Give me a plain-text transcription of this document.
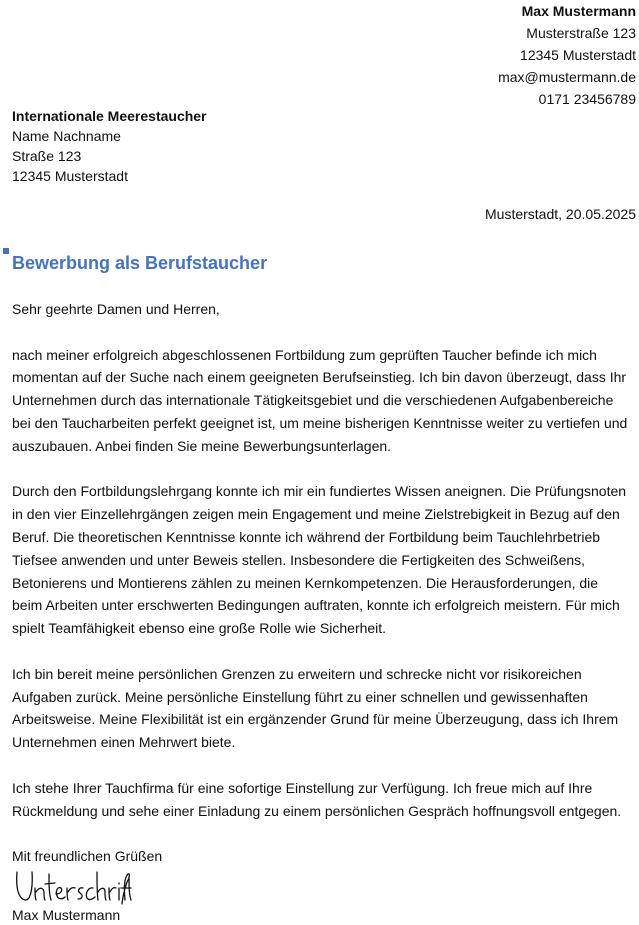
Max Mustermann
Musterstraße 123
12345 Musterstadt
max@mustermann.de
0171 23456789
Internationale Meerestaucher
Name Nachname
Straße 123
12345 Musterstadt
Musterstadt, 20.05.2025
Bewerbung als Berufstaucher

Sehr geehrte Damen und Herren,

nach meiner erfolgreich abgeschlossenen Fortbildung zum geprüften Taucher befinde ich mich momentan auf der Suche nach einem geeigneten Berufseinstieg. Ich bin davon überzeugt, dass Ihr Unternehmen durch das internationale Tätigkeitsgebiet und die verschiedenen Aufgabenbereiche bei den Taucharbeiten perfekt geeignet ist, um meine bisherigen Kenntnisse weiter zu vertiefen und auszubauen. Anbei finden Sie meine Bewerbungsunterlagen.

Durch den Fortbildungslehrgang konnte ich mir ein fundiertes Wissen aneignen. Die Prüfungsnoten in den vier Einzellehrgängen zeigen mein Engagement und meine Zielstrebigkeit in Bezug auf den Beruf. Die theoretischen Kenntnisse konnte ich während der Fortbildung beim Tauchlehrbetrieb Tiefsee anwenden und unter Beweis stellen. Insbesondere die Fertigkeiten des Schweißens, Betonierens und Montierens zählen zu meinen Kernkompetenzen. Die Herausforderungen, die beim Arbeiten unter erschwerten Bedingungen auftraten, konnte ich erfolgreich meistern. Für mich spielt Teamfähigkeit ebenso eine große Rolle wie Sicherheit.

Ich bin bereit meine persönlichen Grenzen zu erweitern und schrecke nicht vor risikoreichen Aufgaben zurück. Meine persönliche Einstellung führt zu einer schnellen und gewissenhaften Arbeitsweise. Meine Flexibilität ist ein ergänzender Grund für meine Überzeugung, dass ich Ihrem Unternehmen einen Mehrwert biete.

Ich stehe Ihrer Tauchfirma für eine sofortige Einstellung zur Verfügung. Ich freue mich auf Ihre Rückmeldung und sehe einer Einladung zu einem persönlichen Gespräch hoffnungsvoll entgegen.

Mit freundlichen Grüßen

Max Mustermann
